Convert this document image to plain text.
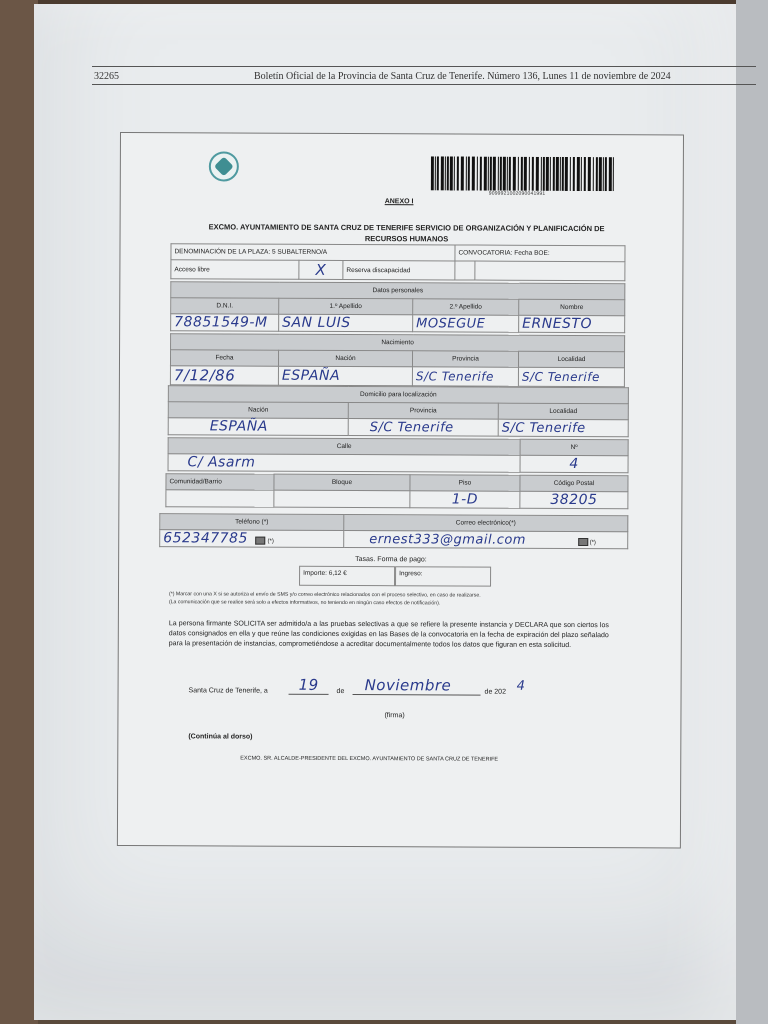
32265	Boletín Oficial de la Provincia de Santa Cruz de Tenerife. Número 136, Lunes 11 de noviembre de 2024
9099921002090041991
ANEXO I
EXCMO. AYUNTAMIENTO DE SANTA CRUZ DE TENERIFE SERVICIO DE ORGANIZACIÓN Y PLANIFICACIÓN DE RECURSOS HUMANOS
DENOMINACIÓN DE LA PLAZA: 5 SUBALTERNO/A			CONVOCATORIA: Fecha BOE:	
Acceso libre	X	Reserva discapacidad		
Datos personales			
D.N.I.	1.º Apellido	2.º Apellido	Nombre
78851549-M	SAN LUIS	MOSEGUE	ERNESTO
Nacimiento			
Fecha	Nación	Provincia	Localidad
7/12/86	ESPAÑA	S/C Tenerife	S/C Tenerife
Domicilio para localización		
Nación	Provincia	Localidad
ESPAÑA	S/C Tenerife	S/C Tenerife
Calle	Nº
C/ Asarm	4
Comunidad/Barrio	Bloque	Piso	Código Postal
		1-D	38205
Teléfono (*)	Correo electrónico(*)
652347785 (*)	ernest333@gmail.com (*)
Tasas. Forma de pago:
Importe: 6,12 €	Ingreso:
(*) Marcar con una X si se autoriza el envío de SMS y/o correo electrónico relacionados con el proceso selectivo, en caso de realizarse.
(La comunicación que se realice será solo a efectos informativos, no teniendo en ningún caso efectos de notificación).
La persona firmante SOLICITA ser admitido/a a las pruebas selectivas a que se refiere la presente instancia y DECLARA que son ciertos los datos consignados en ella y que reúne las condiciones exigidas en las Bases de la convocatoria en la fecha de expiración del plazo señalado para la presentación de instancias, comprometiéndose a acreditar documentalmente todos los datos que figuran en esta solicitud.
Santa Cruz de Tenerife, a 19	de Noviembre	de 202 4
(firma)
(Continúa al dorso)
EXCMO. SR. ALCALDE-PRESIDENTE DEL EXCMO. AYUNTAMIENTO DE SANTA CRUZ DE TENERIFE
